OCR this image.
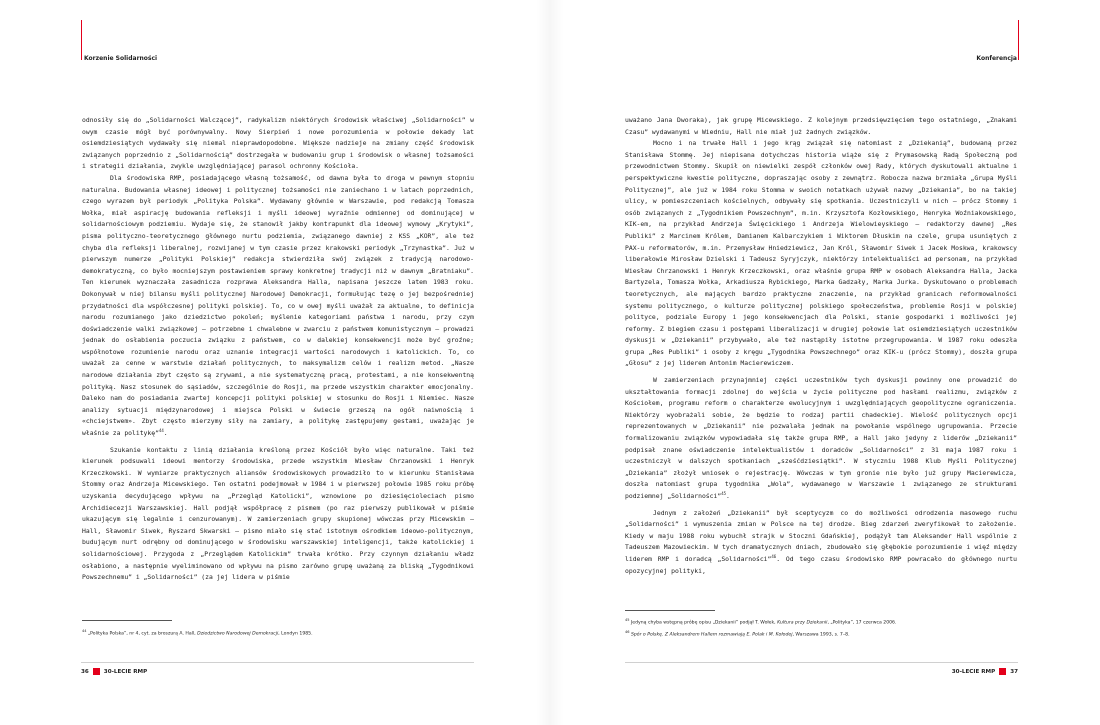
Korzenie Solidarności

odnosiły się do „Solidarności Walczącej”, radykalizm niektórych środowisk właściwej „Solidarności” w owym czasie mógł być porównywalny. Nowy Sierpień i nowe porozumienia w połowie dekady lat osiemdziesiątych wydawały się niemal nieprawdopodobne. Większe nadzieje na zmiany część środowisk związanych poprzednio z „Solidarnością” dostrzegała w budowaniu grup i środowisk o własnej tożsamości i strategii działania, zwykle uwzględniającej parasol ochronny Kościoła.

Dla środowiska RMP, posiadającego własną tożsamość, od dawna była to droga w pewnym stopniu naturalna. Budowania własnej ideowej i politycznej tożsamości nie zaniechano i w latach poprzednich, czego wyrazem był periodyk „Polityka Polska”. Wydawany głównie w Warszawie, pod redakcją Tomasza Wołka, miał aspirację budowania refleksji i myśli ideowej wyraźnie odmiennej od dominującej w solidarnościowym podziemiu. Wydaje się, że stanowił jakby kontrapunkt dla ideowej wymowy „Krytyki”, pisma polityczno-teoretycznego głównego nurtu podziemia, związanego dawniej z KSS „KOR”, ale też chyba dla refleksji liberalnej, rozwijanej w tym czasie przez krakowski periodyk „Trzynastka”. Już w pierwszym numerze „Polityki Polskiej” redakcja stwierdziła swój związek z tradycją narodowo-demokratyczną, co było mocniejszym postawieniem sprawy konkretnej tradycji niż w dawnym „Bratniaku”. Ten kierunek wyznaczała zasadnicza rozprawa Aleksandra Halla, napisana jeszcze latem 1983 roku. Dokonywał w niej bilansu myśli politycznej Narodowej Demokracji, formułując tezę o jej bezpośredniej przydatności dla współczesnej polityki polskiej. To, co w owej myśli uważał za aktualne, to definicja narodu rozumianego jako dziedzictwo pokoleń; myślenie kategoriami państwa i narodu, przy czym doświadczenie walki związkowej – potrzebne i chwalebne w zwarciu z państwem komunistycznym – prowadzi jednak do osłabienia poczucia związku z państwem, co w dalekiej konsekwencji może być groźne; współnotowe rozumienie narodu oraz uznanie integracji wartości narodowych i katolickich. To, co uważał za cenne w warstwie działań politycznych, to maksymalizm celów i realizm metod. „Nasze narodowe działania zbyt często są zrywami, a nie systematyczną pracą, protestami, a nie konsekwentną polityką. Nasz stosunek do sąsiadów, szczególnie do Rosji, ma przede wszystkim charakter emocjonalny. Daleko nam do posiadania zwartej koncepcji polityki polskiej w stosunku do Rosji i Niemiec. Nasze analizy sytuacji międzynarodowej i miejsca Polski w świecie grzeszą na ogół naiwnością i «chciejstwem». Zbyt często mierzymy siły na zamiary, a politykę zastępujemy gestami, uważając je właśnie za politykę”$^{44}$.

Szukanie kontaktu z linią działania kreśloną przez Kościół było więc naturalne. Taki też kierunek podsuwali ideowi mentorzy środowiska, przede wszystkim Wiesław Chrzanowski i Henryk Krzeczkowski. W wymiarze praktycznych aliansów środowiskowych prowadziło to w kierunku Stanisława Stommy oraz Andrzeja Micewskiego. Ten ostatni podejmował w 1984 i w pierwszej połowie 1985 roku próbę uzyskania decydującego wpływu na „Przegląd Katolicki”, wznowione po dziesięcioleciach pismo Archidiecezji Warszawskiej. Hall podjął współpracę z pismem (po raz pierwszy publikował w piśmie ukazującym się legalnie i cenzurowanym). W zamierzeniach grupy skupionej wówczas przy Micewskim – Hall, Sławomir Siwek, Ryszard Skwarski – pismo miało się stać istotnym ośrodkiem ideowo-politycznym, budującym nurt odrębny od dominującego w środowisku warszawskiej inteligencji, także katolickiej i solidarnościowej. Przygoda z „Przeglądem Katolickim” trwała krótko. Przy czynnym działaniu władz osłabiono, a następnie wyeliminowano od wpływu na pismo zarówno grupę uważaną za bliską „Tygodnikowi Powszechnemu” i „Solidarności” (za jej lidera w piśmie

$^{44}$ „Polityka Polska”, nr 4, cyt. za broszurą A. Hall, Dziedzictwo Narodowej Demokracji, Londyn 1985.
36	30-LECIE RMP
Konferencja

uważano Jana Dworaka), jak grupę Micewskiego. Z kolejnym przedsięwzięciem tego ostatniego, „Znakami Czasu” wydawanymi w Wiedniu, Hall nie miał już żadnych związków.

Mocno i na trwałe Hall i jego krąg związał się natomiast z „Dziekanią”, budowaną przez Stanisława Stommę. Jej niepisana dotychczas historia wiąże się z Prymasowską Radą Społeczną pod przewodnictwem Stommy. Skupił on niewielki zespół członków owej Rady, których dyskutowali aktualne i perspektywiczne kwestie polityczne, dopraszając osoby z zewnątrz. Robocza nazwa brzmiała „Grupa Myśli Politycznej”, ale już w 1984 roku Stomma w swoich notatkach używał nazwy „Dziekania”, bo na takiej ulicy, w pomieszczeniach kościelnych, odbywały się spotkania. Uczestniczyli w nich – prócz Stommy i osób związanych z „Tygodnikiem Powszechnym”, m.in. Krzysztofa Kozłowskiego, Henryka Woźniakowskiego, KIK-em, na przykład Andrzeja Święcickiego i Andrzeja Wielowieyskiego – redaktorzy dawnej „Res Publiki” z Marcinem Królem, Damianem Kalbarczykiem i Wiktorem Dłuskim na czele, grupa usuniętych z PAX-u reformatorów, m.in. Przemysław Hniedziewicz, Jan Król, Sławomir Siwek i Jacek Moskwa, krakowscy liberałowie Mirosław Dzielski i Tadeusz Syryjczyk, niektórzy intelektualiści ad personam, na przykład Wiesław Chrzanowski i Henryk Krzeczkowski, oraz właśnie grupa RMP w osobach Aleksandra Halla, Jacka Bartyzela, Tomasza Wołka, Arkadiusza Rybickiego, Marka Gadzały, Marka Jurka. Dyskutowano o problemach teoretycznych, ale mających bardzo praktyczne znaczenie, na przykład granicach reformowalności systemu politycznego, o kulturze politycznej polskiego społeczeństwa, problemie Rosji w polskiej polityce, podziale Europy i jego konsekwencjach dla Polski, stanie gospodarki i możliwości jej reformy. Z biegiem czasu i postępami liberalizacji w drugiej połowie lat osiemdziesiątych uczestników dyskusji w „Dziekanii” przybywało, ale też nastąpiły istotne przegrupowania. W 1987 roku odeszła grupa „Res Publiki” i osoby z kręgu „Tygodnika Powszechnego” oraz KIK-u (prócz Stommy), doszła grupa „Głosu” z jej liderem Antonim Macierewiczem.

W zamierzeniach przynajmniej części uczestników tych dyskusji powinny one prowadzić do ukształtowania formacji zdolnej do wejścia w życie polityczne pod hasłami realizmu, związków z Kościołem, programu reform o charakterze ewolucyjnym i uwzględniających geopolityczne ograniczenia. Niektórzy wyobrażali sobie, że będzie to rodzaj partii chadeckiej. Wielość politycznych opcji reprezentowanych w „Dziekanii” nie pozwalała jednak na powołanie wspólnego ugrupowania. Przecie formalizowaniu związków wypowiadała się także grupa RMP, a Hall jako jedyny z liderów „Dziekanii” podpisał znane oświadczenie intelektualistów i doradców „Solidarności” z 31 maja 1987 roku i uczestniczył w dalszych spotkaniach „sześćdziesiątki”. W styczniu 1988 Klub Myśli Politycznej „Dziekania” złożył wniosek o rejestrację. Wówczas w tym gronie nie było już grupy Macierewicza, doszła natomiast grupa tygodnika „Wola”, wydawanego w Warszawie i związanego ze strukturami podziemnej „Solidarności”$^{45}$.

Jednym z założeń „Dziekanii” był sceptycyzm co do możliwości odrodzenia masowego ruchu „Solidarności” i wymuszenia zmian w Polsce na tej drodze. Bieg zdarzeń zweryfikował to założenie. Kiedy w maju 1988 roku wybuchł strajk w Stoczni Gdańskiej, podążył tam Aleksander Hall wspólnie z Tadeuszem Mazowieckim. W tych dramatycznych dniach, zbudowało się głębokie porozumienie i więź między liderem RMP i doradcą „Solidarności”$^{46}$. Od tego czasu środowisko RMP powracało do głównego nurtu opozycyjnej polityki,

$^{45}$ Jedyną chyba wstępną próbę opisu „Dziekanii” podjął T. Wołek, Kultura przy Dziekanii, „Polityka”, 17 czerwca 2006.
$^{46}$ Spór o Polskę. Z Aleksandrem Hallem rozmawiają E. Polak i M. Kołodej, Warszawa 1993, s. 7–8.
30-LECIE RMP	37
